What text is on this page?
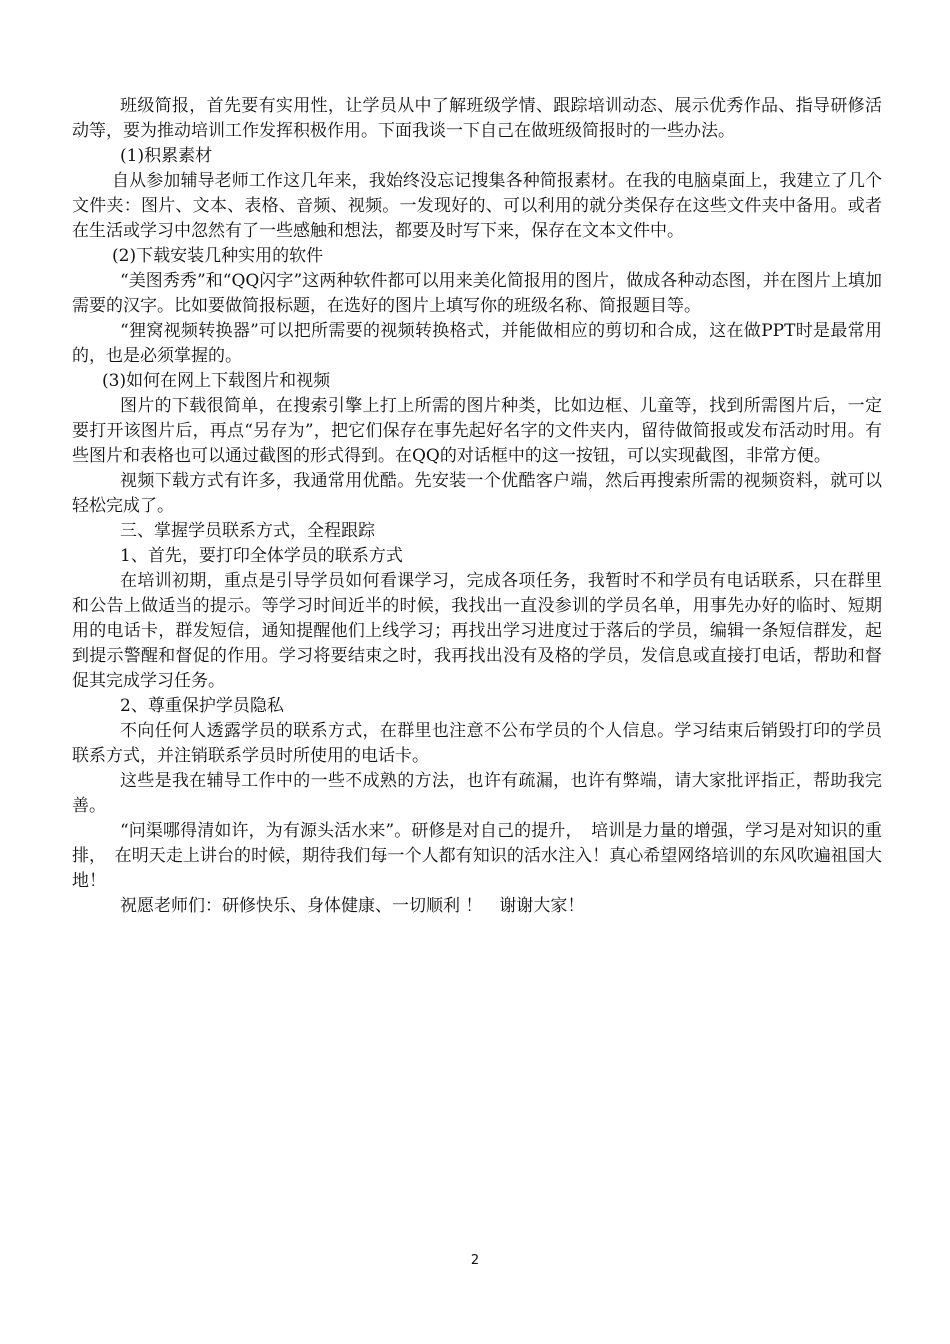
班级简报，首先要有实用性，让学员从中了解班级学情、跟踪培训动态、展示优秀作品、指导研修活动等，要为推动培训工作发挥积极作用。下面我谈一下自己在做班级简报时的一些办法。

(1)积累素材

自从参加辅导老师工作这几年来，我始终没忘记搜集各种简报素材。在我的电脑桌面上，我建立了几个文件夹：图片、文本、表格、音频、视频。一发现好的、可以利用的就分类保存在这些文件夹中备用。或者在生活或学习中忽然有了一些感触和想法，都要及时写下来，保存在文本文件中。

(2)下载安装几种实用的软件

“美图秀秀”和“QQ闪字”这两种软件都可以用来美化简报用的图片，做成各种动态图，并在图片上填加需要的汉字。比如要做简报标题，在选好的图片上填写你的班级名称、简报题目等。

“狸窝视频转换器”可以把所需要的视频转换格式，并能做相应的剪切和合成，这在做PPT时是最常用的，也是必须掌握的。

(3)如何在网上下载图片和视频

图片的下载很简单，在搜索引擎上打上所需的图片种类，比如边框、儿童等，找到所需图片后，一定要打开该图片后，再点“另存为”，把它们保存在事先起好名字的文件夹内，留待做简报或发布活动时用。有些图片和表格也可以通过截图的形式得到。在QQ的对话框中的这一按钮，可以实现截图，非常方便。

视频下载方式有许多，我通常用优酷。先安装一个优酷客户端，然后再搜索所需的视频资料，就可以轻松完成了。

三、掌握学员联系方式，全程跟踪

1、首先，要打印全体学员的联系方式

在培训初期，重点是引导学员如何看课学习，完成各项任务，我暂时不和学员有电话联系，只在群里和公告上做适当的提示。等学习时间近半的时候，我找出一直没参训的学员名单，用事先办好的临时、短期用的电话卡，群发短信，通知提醒他们上线学习；再找出学习进度过于落后的学员，编辑一条短信群发，起到提示警醒和督促的作用。学习将要结束之时，我再找出没有及格的学员，发信息或直接打电话，帮助和督促其完成学习任务。

2、尊重保护学员隐私

不向任何人透露学员的联系方式，在群里也注意不公布学员的个人信息。学习结束后销毁打印的学员联系方式，并注销联系学员时所使用的电话卡。

这些是我在辅导工作中的一些不成熟的方法，也许有疏漏，也许有弊端，请大家批评指正，帮助我完善。

“问渠哪得清如许，为有源头活水来”。研修是对自己的提升，　培训是力量的增强，学习是对知识的重排，　在明天走上讲台的时候，期待我们每一个人都有知识的活水注入！真心希望网络培训的东风吹遍祖国大地！

祝愿老师们：研修快乐、身体健康、一切顺利 ！　谢谢大家！

2
